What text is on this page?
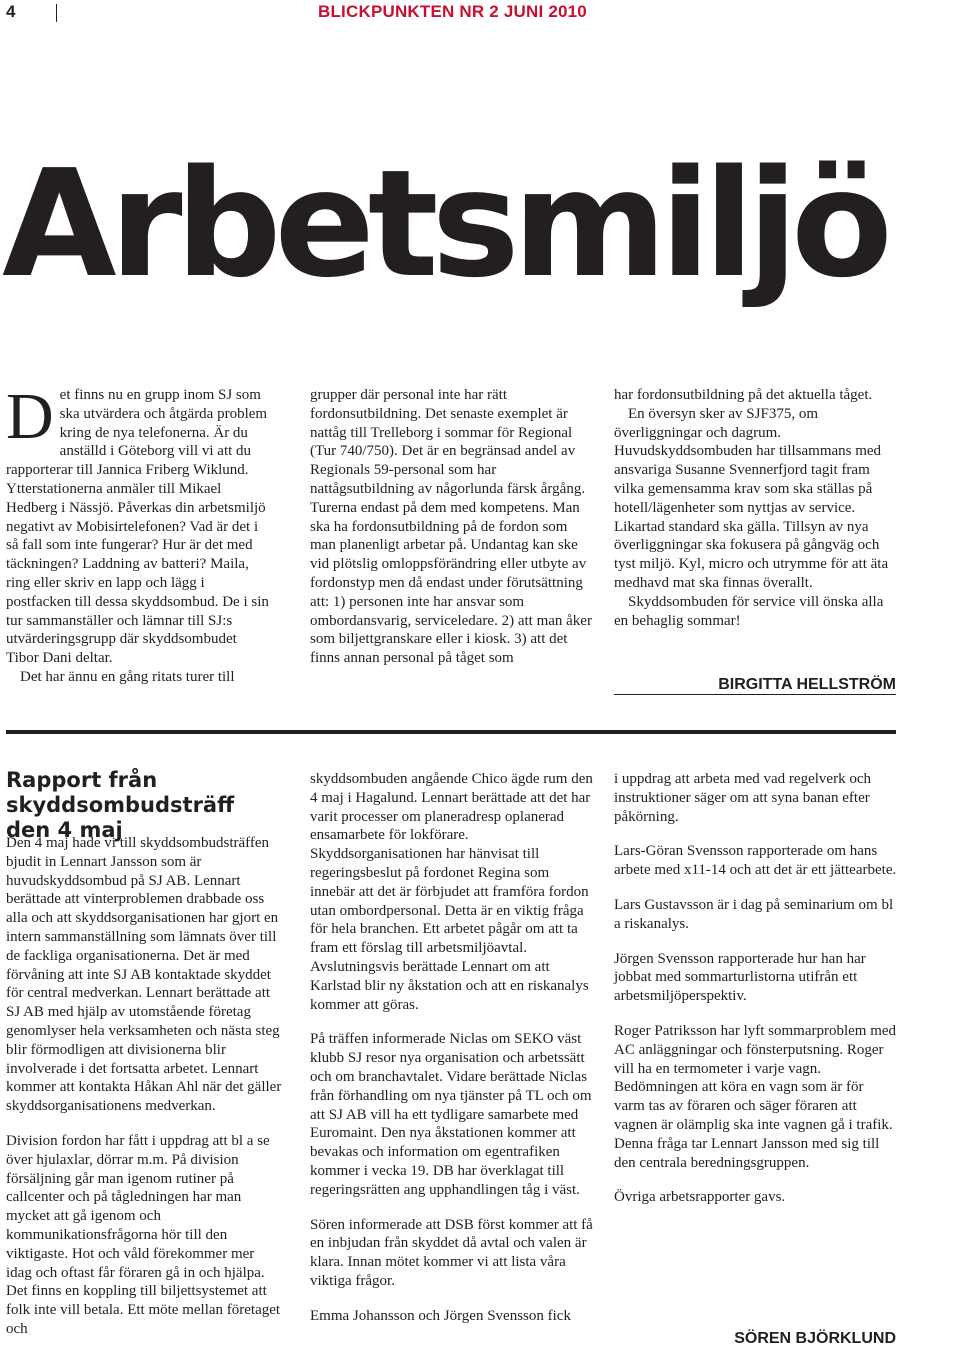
4	BLICKPUNKTEN NR 2 JUNI 2010
Arbetsmiljö

Det finns nu en grupp inom SJ som ska utvärdera och åtgärda problem kring de nya telefonerna. Är du anställd i Göteborg vill vi att du rapporterar till Jannica Friberg Wiklund. Ytterstationerna anmäler till Mikael Hedberg i Nässjö. Påverkas din arbetsmiljö negativt av Mobisirtelefonen? Vad är det i så fall som inte fungerar? Hur är det med täckningen? Laddning av batteri? Maila, ring eller skriv en lapp och lägg i postfacken till dessa skyddsombud. De i sin tur sammanställer och lämnar till SJ:s utvärderingsgrupp där skyddsombudet Tibor Dani deltar.

Det har ännu en gång ritats turer till

grupper där personal inte har rätt fordonsutbildning. Det senaste exemplet är nattåg till Trelleborg i sommar för Regional (Tur 740/750). Det är en begränsad andel av Regionals 59-personal som har nattågsutbildning av någorlunda färsk årgång. Turerna endast på dem med kompetens. Man ska ha fordonsutbildning på de fordon som man planenligt arbetar på. Undantag kan ske vid plötslig omloppsförändring eller utbyte av fordonstyp men då endast under förutsättning att: 1) personen inte har ansvar som ombordansvarig, serviceledare. 2) att man åker som biljettgranskare eller i kiosk. 3) att det finns annan personal på tåget som

har fordonsutbildning på det aktuella tåget.

En översyn sker av SJF375, om överliggningar och dagrum. Huvudskyddsombuden har tillsammans med ansvariga Susanne Svennerfjord tagit fram vilka gemensamma krav som ska ställas på hotell/lägenheter som nyttjas av service. Likartad standard ska gälla. Tillsyn av nya överliggningar ska fokusera på gångväg och tyst miljö. Kyl, micro och utrymme för att äta medhavd mat ska finnas överallt.

Skyddsombuden för service vill önska alla en behaglig sommar!

BIRGITTA HELLSTRÖM
Rapport från skyddsombudsträff den 4 maj

Den 4 maj hade vi till skyddsombudsträffen bjudit in Lennart Jansson som är huvudskyddsombud på SJ AB. Lennart berättade att vinterproblemen drabbade oss alla och att skyddsorganisationen har gjort en intern sammanställning som lämnats över till de fackliga organisationerna. Det är med förvåning att inte SJ AB kontaktade skyddet för central medverkan. Lennart berättade att SJ AB med hjälp av utomstående företag genomlyser hela verksamheten och nästa steg blir förmodligen att divisionerna blir involverade i det fortsatta arbetet. Lennart kommer att kontakta Håkan Ahl när det gäller skyddsorganisationens medverkan.

Division fordon har fått i uppdrag att bl a se över hjulaxlar, dörrar m.m. På division försäljning går man igenom rutiner på callcenter och på tågledningen har man mycket att gå igenom och kommunikationsfrågorna hör till den viktigaste. Hot och våld förekommer mer idag och oftast får föraren gå in och hjälpa. Det finns en koppling till biljettsystemet att folk inte vill betala. Ett möte mellan företaget och

skyddsombuden angående Chico ägde rum den 4 maj i Hagalund. Lennart berättade att det har varit processer om planeradresp oplanerad ensamarbete för lokförare. Skyddsorganisationen har hänvisat till regeringsbeslut på fordonet Regina som innebär att det är förbjudet att framföra fordon utan ombordpersonal. Detta är en viktig fråga för hela branchen. Ett arbetet pågår om att ta fram ett förslag till arbetsmiljöavtal. Avslutningsvis berättade Lennart om att Karlstad blir ny åkstation och att en riskanalys kommer att göras.

På träffen informerade Niclas om SEKO väst klubb SJ resor nya organisation och arbetssätt och om branchavtalet. Vidare berättade Niclas från förhandling om nya tjänster på TL och om att SJ AB vill ha ett tydligare samarbete med Euromaint. Den nya åkstationen kommer att bevakas och information om egentrafiken kommer i vecka 19. DB har överklagat till regeringsrätten ang upphandlingen tåg i väst.

Sören informerade att DSB först kommer att få en inbjudan från skyddet då avtal och valen är klara. Innan mötet kommer vi att lista våra viktiga frågor.

Emma Johansson och Jörgen Svensson fick

i uppdrag att arbeta med vad regelverk och instruktioner säger om att syna banan efter påkörning.

Lars-Göran Svensson rapporterade om hans arbete med x11-14 och att det är ett jättearbete.

Lars Gustavsson är i dag på seminarium om bl a riskanalys.

Jörgen Svensson rapporterade hur han har jobbat med sommarturlistorna utifrån ett arbetsmiljöperspektiv.

Roger Patriksson har lyft sommarproblem med AC anläggningar och fönsterputsning. Roger vill ha en termometer i varje vagn. Bedömningen att köra en vagn som är för varm tas av föraren och säger föraren att vagnen är olämplig ska inte vagnen gå i trafik. Denna fråga tar Lennart Jansson med sig till den centrala beredningsgruppen.

Övriga arbetsrapporter gavs.

SÖREN BJÖRKLUND
